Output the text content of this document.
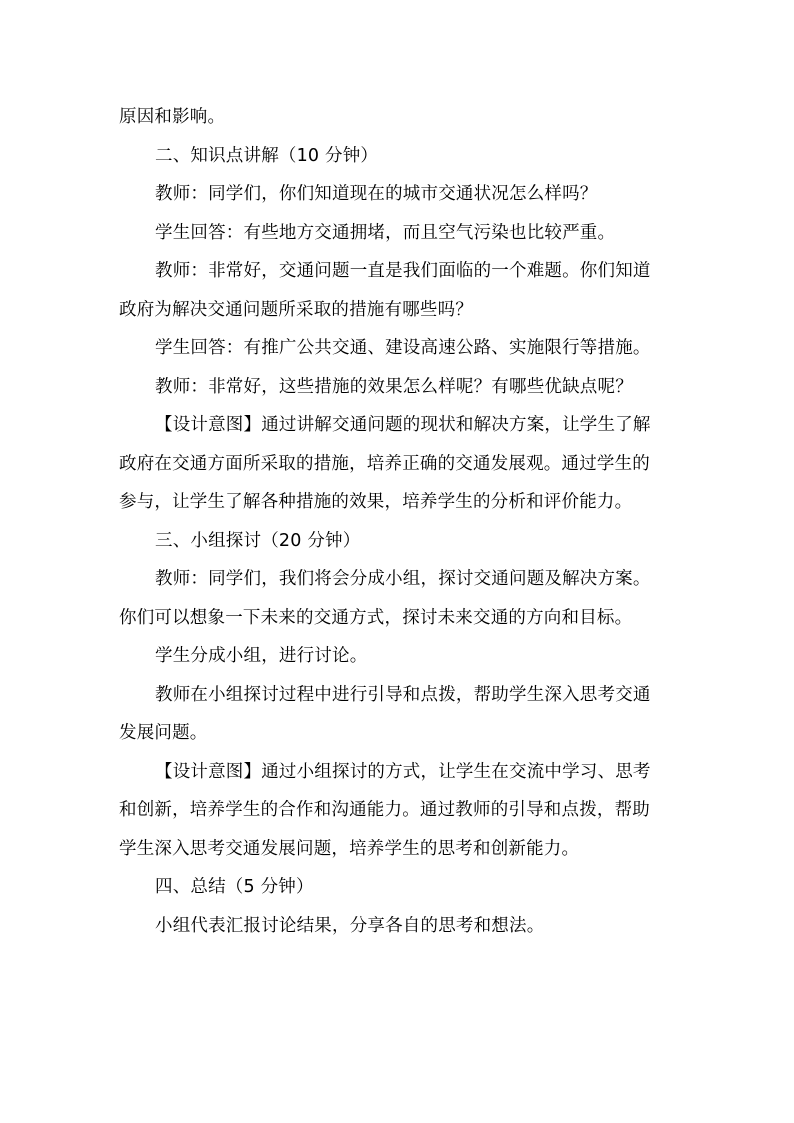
原因和影响。
二、知识点讲解（10 分钟）
教师：同学们，你们知道现在的城市交通状况怎么样吗？
学生回答：有些地方交通拥堵，而且空气污染也比较严重。
教师：非常好，交通问题一直是我们面临的一个难题。你们知道
政府为解决交通问题所采取的措施有哪些吗？
学生回答：有推广公共交通、建设高速公路、实施限行等措施。
教师：非常好，这些措施的效果怎么样呢？有哪些优缺点呢？
【设计意图】通过讲解交通问题的现状和解决方案，让学生了解
政府在交通方面所采取的措施，培养正确的交通发展观。通过学生的
参与，让学生了解各种措施的效果，培养学生的分析和评价能力。
三、小组探讨（20 分钟）
教师：同学们，我们将会分成小组，探讨交通问题及解决方案。
你们可以想象一下未来的交通方式，探讨未来交通的方向和目标。
学生分成小组，进行讨论。
教师在小组探讨过程中进行引导和点拨，帮助学生深入思考交通
发展问题。
【设计意图】通过小组探讨的方式，让学生在交流中学习、思考
和创新，培养学生的合作和沟通能力。通过教师的引导和点拨，帮助
学生深入思考交通发展问题，培养学生的思考和创新能力。
四、总结（5 分钟）
小组代表汇报讨论结果，分享各自的思考和想法。
